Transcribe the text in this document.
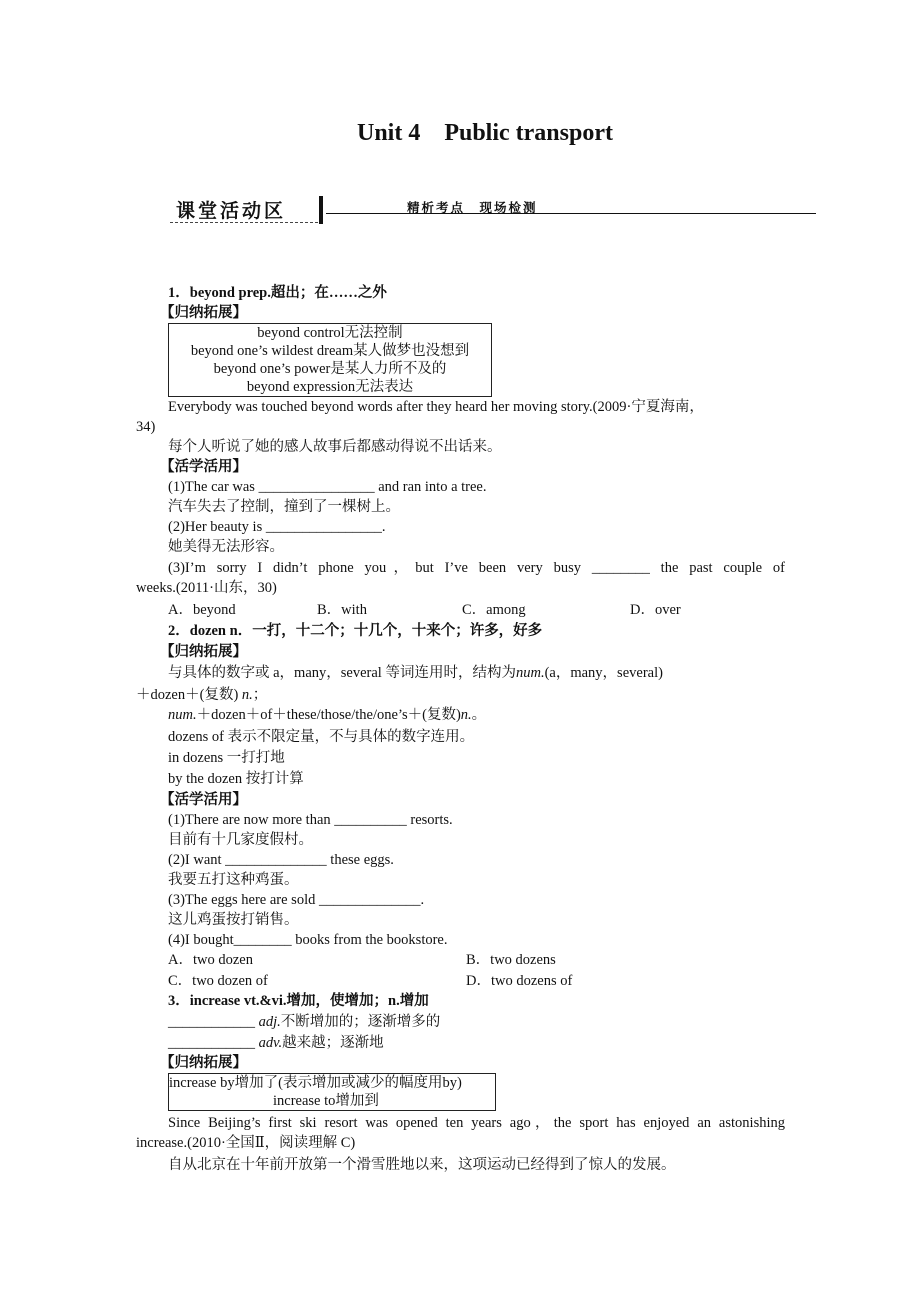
Unit 4　Public transport
课堂活动区	精析考点　现场检测
1．beyond prep.超出；在……之外
【归纳拓展】
beyond control无法控制
beyond one’s wildest dream某人做梦也没想到
beyond one’s power是某人力所不及的
beyond expression无法表达
Everybody was touched beyond words after they heard her moving story.(2009·宁夏海南，
34)
每个人听说了她的感人故事后都感动得说不出话来。
【活学活用】
(1)The car was ________________ and ran into a tree.
汽车失去了控制，撞到了一棵树上。
(2)Her beauty is ________________.
她美得无法形容。
(3)I’m sorry I didn’t phone you，but I’ve been very busy ________ the past couple of
weeks.(2011·山东，30)
A．beyond	B．with	C．among	D．over
2．dozen n．一打，十二个；十几个，十来个；许多，好多
【归纳拓展】
与具体的数字或 a，many，several 等词连用时，结构为num.(a，many，several)
＋dozen＋(复数) n.；
num.＋dozen＋of＋these/those/the/one’s＋(复数)n.。
dozens of 表示不限定量，不与具体的数字连用。
in dozens 一打打地
by the dozen 按打计算
【活学活用】
(1)There are now more than __________ resorts.
目前有十几家度假村。
(2)I want ______________ these eggs.
我要五打这种鸡蛋。
(3)The eggs here are sold ______________.
这儿鸡蛋按打销售。
(4)I bought________ books from the bookstore.
A．two dozen	B．two dozens
C．two dozen of	D．two dozens of
3．increase vt.&vi.增加，使增加；n.增加
____________ adj.不断增加的；逐渐增多的
____________ adv.越来越；逐渐地
【归纳拓展】
increase by增加了(表示增加或减少的幅度用by)
increase to增加到
Since Beijing’s first ski resort was opened ten years ago，the sport has enjoyed an astonishing
increase.(2010·全国Ⅱ，阅读理解 C)
自从北京在十年前开放第一个滑雪胜地以来，这项运动已经得到了惊人的发展。
